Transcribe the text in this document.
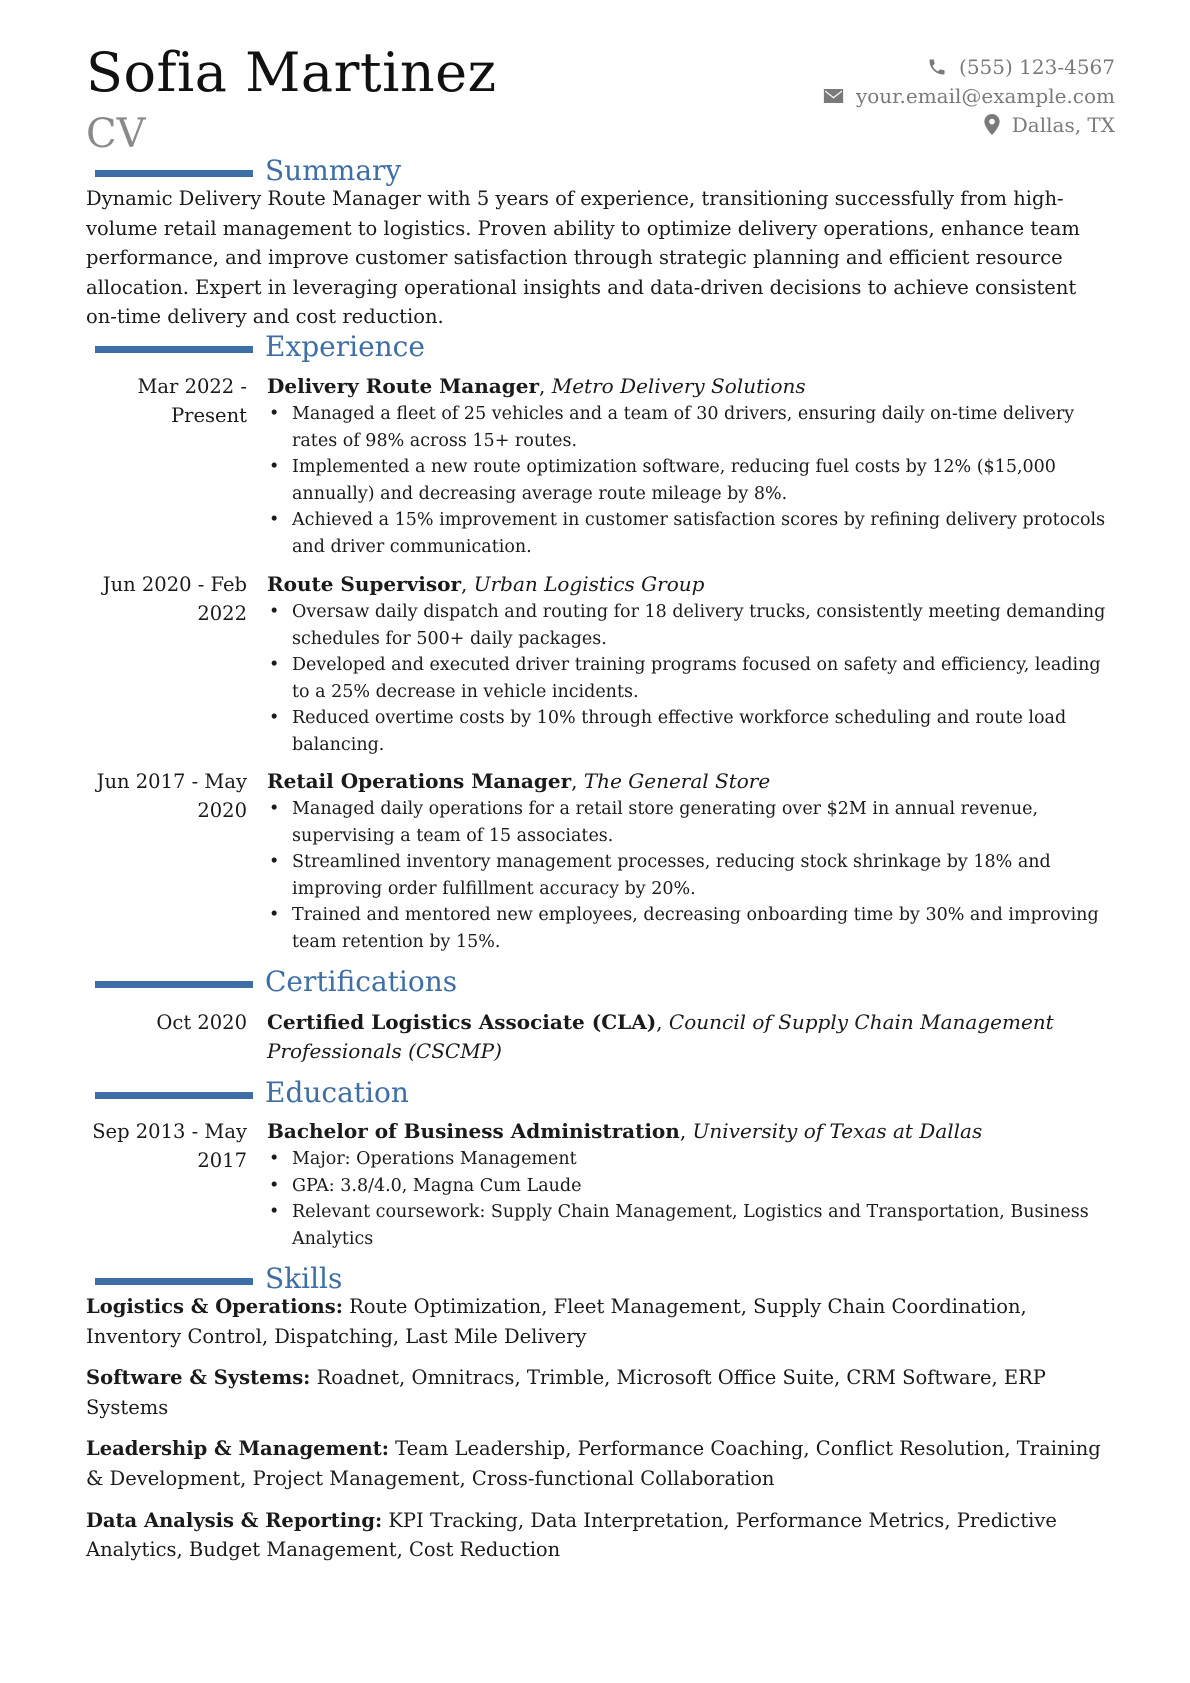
Sofia Martinez
CV
(555) 123-4567
your.email@example.com
Dallas, TX
Summary
Dynamic Delivery Route Manager with 5 years of experience, transitioning successfully from high-volume retail management to logistics. Proven ability to optimize delivery operations, enhance team performance, and improve customer satisfaction through strategic planning and efficient resource allocation. Expert in leveraging operational insights and data-driven decisions to achieve consistent on-time delivery and cost reduction.
Experience
Mar 2022 - Present
Delivery Route Manager, Metro Delivery Solutions
• Managed a fleet of 25 vehicles and a team of 30 drivers, ensuring daily on-time delivery rates of 98% across 15+ routes.
• Implemented a new route optimization software, reducing fuel costs by 12% ($15,000 annually) and decreasing average route mileage by 8%.
• Achieved a 15% improvement in customer satisfaction scores by refining delivery protocols and driver communication.
Jun 2020 - Feb 2022
Route Supervisor, Urban Logistics Group
• Oversaw daily dispatch and routing for 18 delivery trucks, consistently meeting demanding schedules for 500+ daily packages.
• Developed and executed driver training programs focused on safety and efficiency, leading to a 25% decrease in vehicle incidents.
• Reduced overtime costs by 10% through effective workforce scheduling and route load balancing.
Jun 2017 - May 2020
Retail Operations Manager, The General Store
• Managed daily operations for a retail store generating over $2M in annual revenue, supervising a team of 15 associates.
• Streamlined inventory management processes, reducing stock shrinkage by 18% and improving order fulfillment accuracy by 20%.
• Trained and mentored new employees, decreasing onboarding time by 30% and improving team retention by 15%.
Certifications
Oct 2020 Certified Logistics Associate (CLA), Council of Supply Chain Management Professionals (CSCMP)
Education
Sep 2013 - May 2017
Bachelor of Business Administration, University of Texas at Dallas
• Major: Operations Management
• GPA: 3.8/4.0, Magna Cum Laude
• Relevant coursework: Supply Chain Management, Logistics and Transportation, Business Analytics
Skills
Logistics & Operations: Route Optimization, Fleet Management, Supply Chain Coordination, Inventory Control, Dispatching, Last Mile Delivery
Software & Systems: Roadnet, Omnitracs, Trimble, Microsoft Office Suite, CRM Software, ERP Systems
Leadership & Management: Team Leadership, Performance Coaching, Conflict Resolution, Training & Development, Project Management, Cross-functional Collaboration
Data Analysis & Reporting: KPI Tracking, Data Interpretation, Performance Metrics, Predictive Analytics, Budget Management, Cost Reduction
